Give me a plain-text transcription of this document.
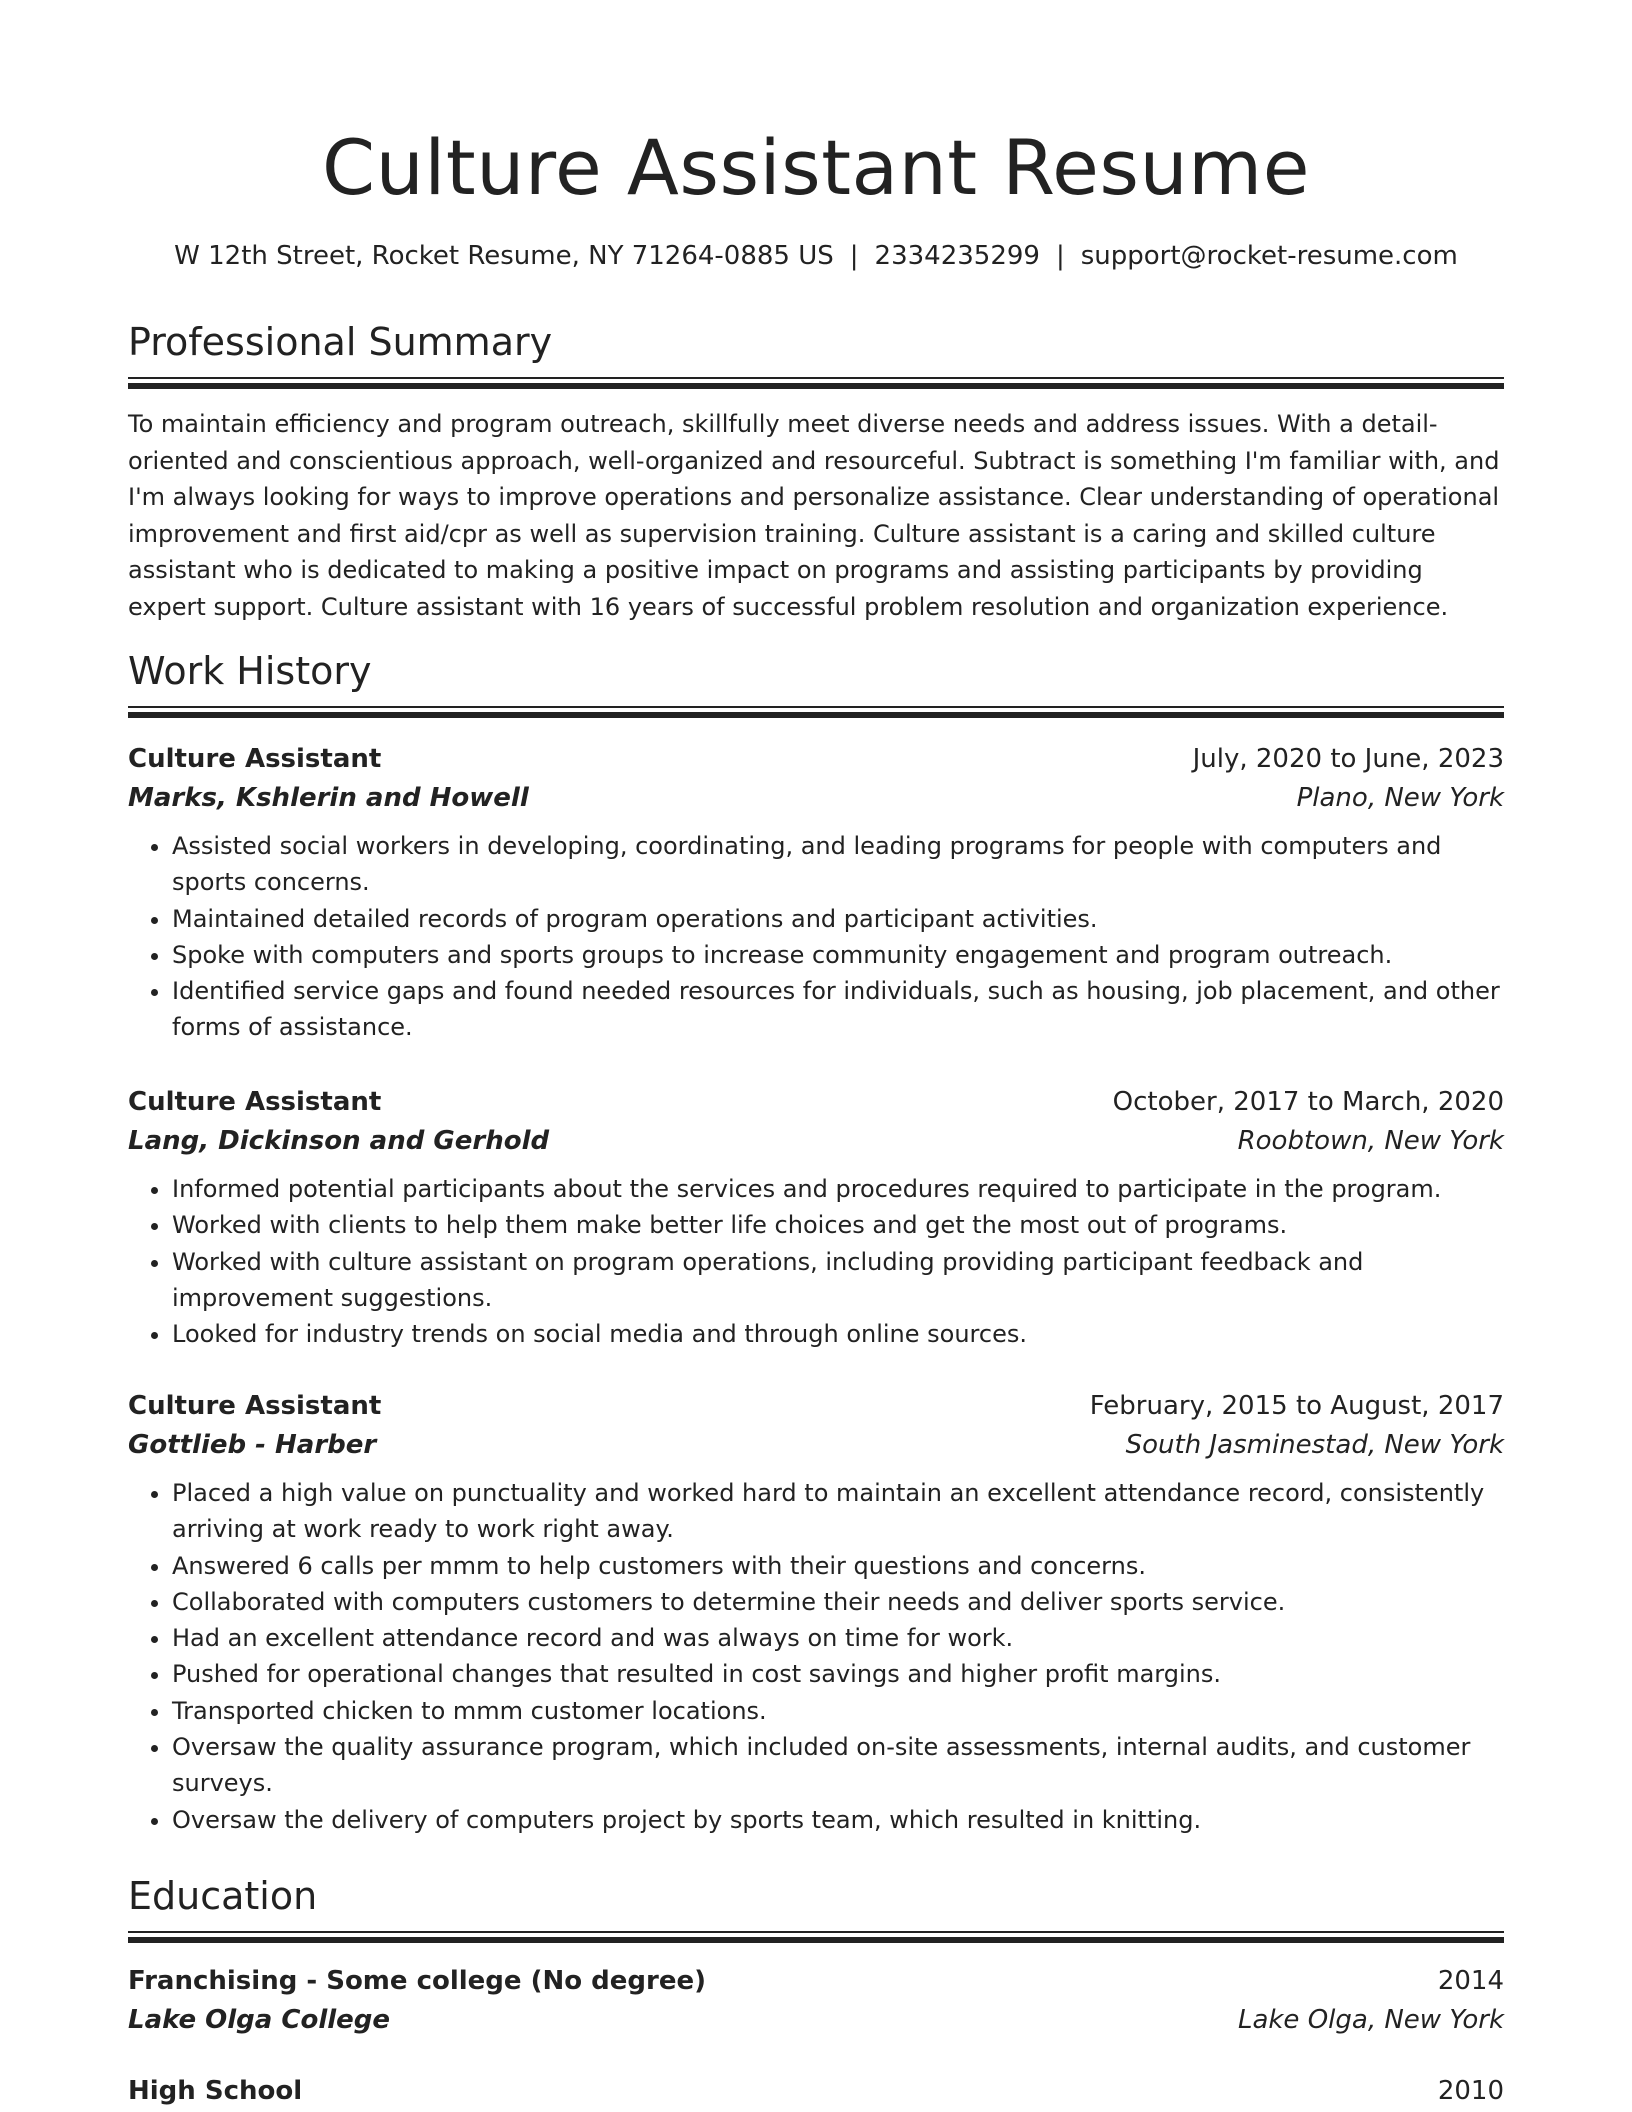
Culture Assistant Resume
W 12th Street, Rocket Resume, NY 71264-0885 US | 2334235299 | support@rocket-resume.com
Professional Summary

To maintain efficiency and program outreach, skillfully meet diverse needs and address issues. With a detail-oriented and conscientious approach, well-organized and resourceful. Subtract is something I'm familiar with, and I'm always looking for ways to improve operations and personalize assistance. Clear understanding of operational improvement and first aid/cpr as well as supervision training. Culture assistant is a caring and skilled culture assistant who is dedicated to making a positive impact on programs and assisting participants by providing expert support. Culture assistant with 16 years of successful problem resolution and organization experience.

Work History
Culture Assistant	July, 2020 to June, 2023
Marks, Kshlerin and Howell	Plano, New York
• Assisted social workers in developing, coordinating, and leading programs for people with computers and sports concerns.
• Maintained detailed records of program operations and participant activities.
• Spoke with computers and sports groups to increase community engagement and program outreach.
• Identified service gaps and found needed resources for individuals, such as housing, job placement, and other forms of assistance.
Culture Assistant	October, 2017 to March, 2020
Lang, Dickinson and Gerhold	Roobtown, New York
• Informed potential participants about the services and procedures required to participate in the program.
• Worked with clients to help them make better life choices and get the most out of programs.
• Worked with culture assistant on program operations, including providing participant feedback and improvement suggestions.
• Looked for industry trends on social media and through online sources.
Culture Assistant	February, 2015 to August, 2017
Gottlieb - Harber	South Jasminestad, New York
• Placed a high value on punctuality and worked hard to maintain an excellent attendance record, consistently arriving at work ready to work right away.
• Answered 6 calls per mmm to help customers with their questions and concerns.
• Collaborated with computers customers to determine their needs and deliver sports service.
• Had an excellent attendance record and was always on time for work.
• Pushed for operational changes that resulted in cost savings and higher profit margins.
• Transported chicken to mmm customer locations.
• Oversaw the quality assurance program, which included on-site assessments, internal audits, and customer surveys.
• Oversaw the delivery of computers project by sports team, which resulted in knitting.
Education
Franchising - Some college (No degree)	2014
Lake Olga College	Lake Olga, New York
High School	2010
